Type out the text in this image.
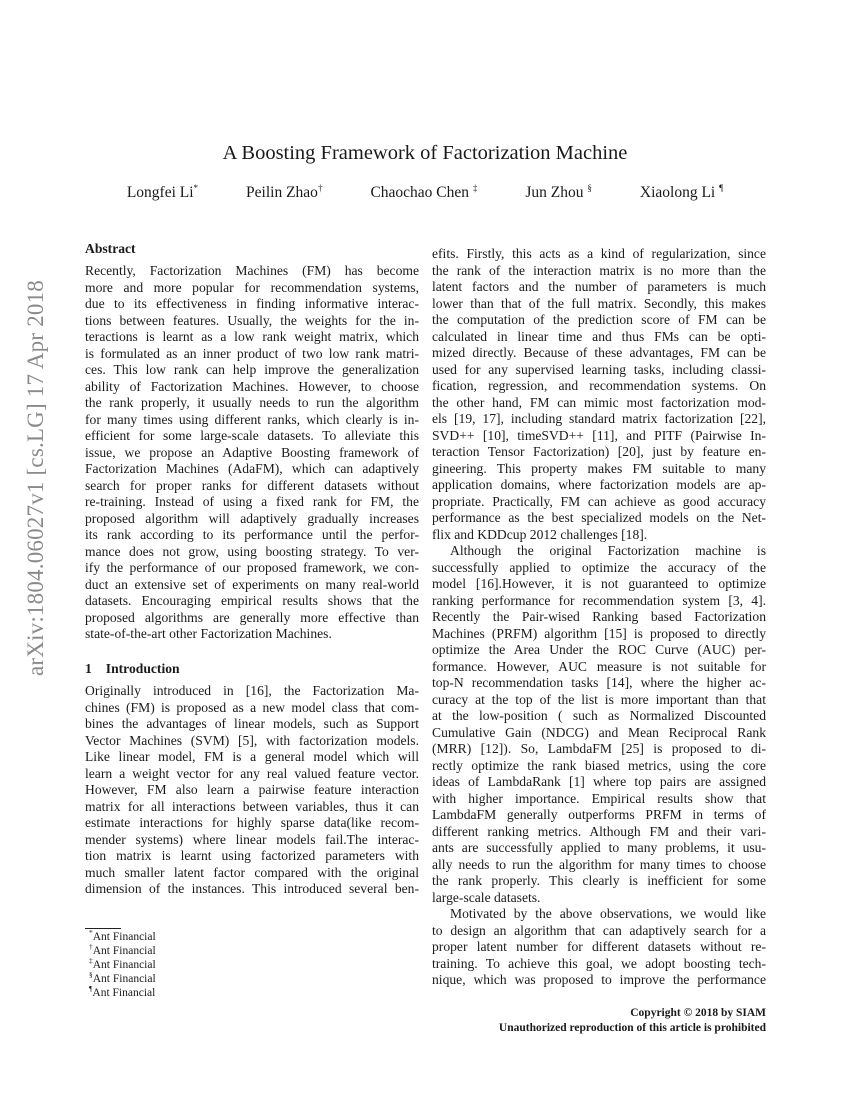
arXiv:1804.06027v1 [cs.LG] 17 Apr 2018
A Boosting Framework of Factorization Machine
Longfei Li*	Peilin Zhao†	Chaochao Chen ‡	Jun Zhou §	Xiaolong Li ¶
Abstract
Recently, Factorization Machines (FM) has become
more and more popular for recommendation systems,
due to its effectiveness in finding informative interac-
tions between features. Usually, the weights for the in-
teractions is learnt as a low rank weight matrix, which
is formulated as an inner product of two low rank matri-
ces. This low rank can help improve the generalization
ability of Factorization Machines. However, to choose
the rank properly, it usually needs to run the algorithm
for many times using different ranks, which clearly is in-
efficient for some large-scale datasets. To alleviate this
issue, we propose an Adaptive Boosting framework of
Factorization Machines (AdaFM), which can adaptively
search for proper ranks for different datasets without
re-training. Instead of using a fixed rank for FM, the
proposed algorithm will adaptively gradually increases
its rank according to its performance until the perfor-
mance does not grow, using boosting strategy. To ver-
ify the performance of our proposed framework, we con-
duct an extensive set of experiments on many real-world
datasets. Encouraging empirical results shows that the
proposed algorithms are generally more effective than
state-of-the-art other Factorization Machines.
1 Introduction
Originally introduced in [16], the Factorization Ma-
chines (FM) is proposed as a new model class that com-
bines the advantages of linear models, such as Support
Vector Machines (SVM) [5], with factorization models.
Like linear model, FM is a general model which will
learn a weight vector for any real valued feature vector.
However, FM also learn a pairwise feature interaction
matrix for all interactions between variables, thus it can
estimate interactions for highly sparse data(like recom-
mender systems) where linear models fail.The interac-
tion matrix is learnt using factorized parameters with
much smaller latent factor compared with the original
dimension of the instances. This introduced several ben-
efits. Firstly, this acts as a kind of regularization, since
the rank of the interaction matrix is no more than the
latent factors and the number of parameters is much
lower than that of the full matrix. Secondly, this makes
the computation of the prediction score of FM can be
calculated in linear time and thus FMs can be opti-
mized directly. Because of these advantages, FM can be
used for any supervised learning tasks, including classi-
fication, regression, and recommendation systems. On
the other hand, FM can mimic most factorization mod-
els [19, 17], including standard matrix factorization [22],
SVD++ [10], timeSVD++ [11], and PITF (Pairwise In-
teraction Tensor Factorization) [20], just by feature en-
gineering. This property makes FM suitable to many
application domains, where factorization models are ap-
propriate. Practically, FM can achieve as good accuracy
performance as the best specialized models on the Net-
flix and KDDcup 2012 challenges [18].
Although the original Factorization machine is
successfully applied to optimize the accuracy of the
model [16].However, it is not guaranteed to optimize
ranking performance for recommendation system [3, 4].
Recently the Pair-wised Ranking based Factorization
Machines (PRFM) algorithm [15] is proposed to directly
optimize the Area Under the ROC Curve (AUC) per-
formance. However, AUC measure is not suitable for
top-N recommendation tasks [14], where the higher ac-
curacy at the top of the list is more important than that
at the low-position ( such as Normalized Discounted
Cumulative Gain (NDCG) and Mean Reciprocal Rank
(MRR) [12]). So, LambdaFM [25] is proposed to di-
rectly optimize the rank biased metrics, using the core
ideas of LambdaRank [1] where top pairs are assigned
with higher importance. Empirical results show that
LambdaFM generally outperforms PRFM in terms of
different ranking metrics. Although FM and their vari-
ants are successfully applied to many problems, it usu-
ally needs to run the algorithm for many times to choose
the rank properly. This clearly is inefficient for some
large-scale datasets.
Motivated by the above observations, we would like
to design an algorithm that can adaptively search for a
proper latent number for different datasets without re-
training. To achieve this goal, we adopt boosting tech-
nique, which was proposed to improve the performance
*Ant Financial
†Ant Financial
‡Ant Financial
§Ant Financial
¶Ant Financial
Copyright © 2018 by SIAM
Unauthorized reproduction of this article is prohibited
